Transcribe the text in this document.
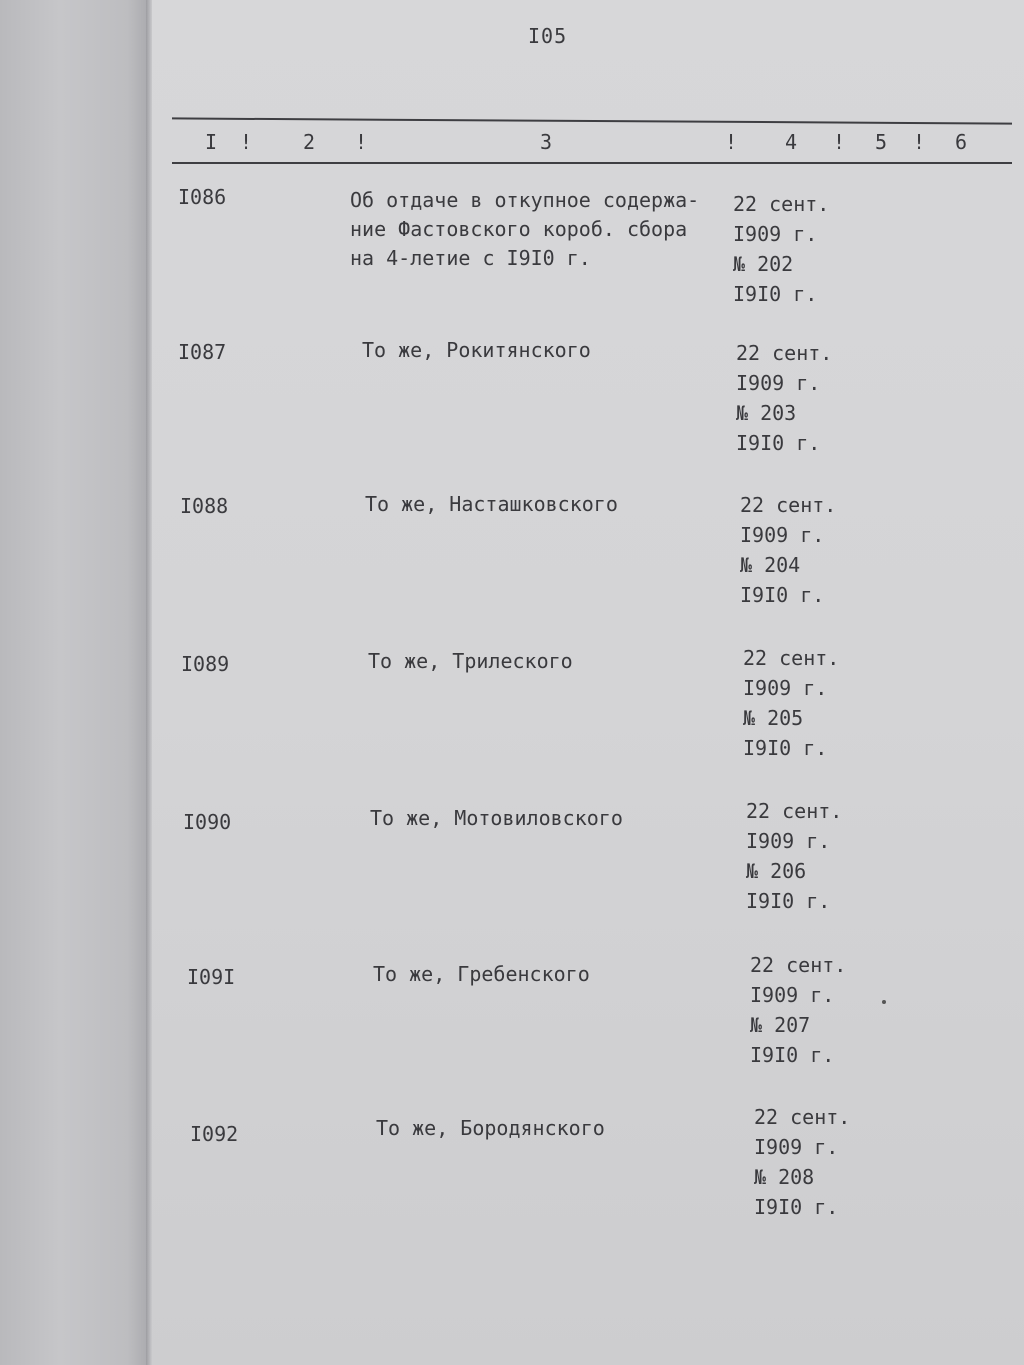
I05
I !	2 !	3	! 4 ! 5 ! 6
I086	Об отдаче в откупное содержа-
ние Фастовского короб. сбора
на 4-летие с I9I0 г.
22 сент.
I909 г.
№ 202
I9I0 г.
I087	То же, Рокитянского	22 сент.
I909 г.
№ 203
I9I0 г.
I088	То же, Насташковского	22 сент.
I909 г.
№ 204
I9I0 г.
I089	То же, Трилеского	22 сент.
I909 г.
№ 205
I9I0 г.
I090	То же, Мотовиловского	22 сент.
I909 г.
№ 206
I9I0 г.
I09I	То же, Гребенского	22 сент.
I909 г.
№ 207
I9I0 г.
I092	То же, Бородянского	22 сент.
I909 г.
№ 208
I9I0 г.
